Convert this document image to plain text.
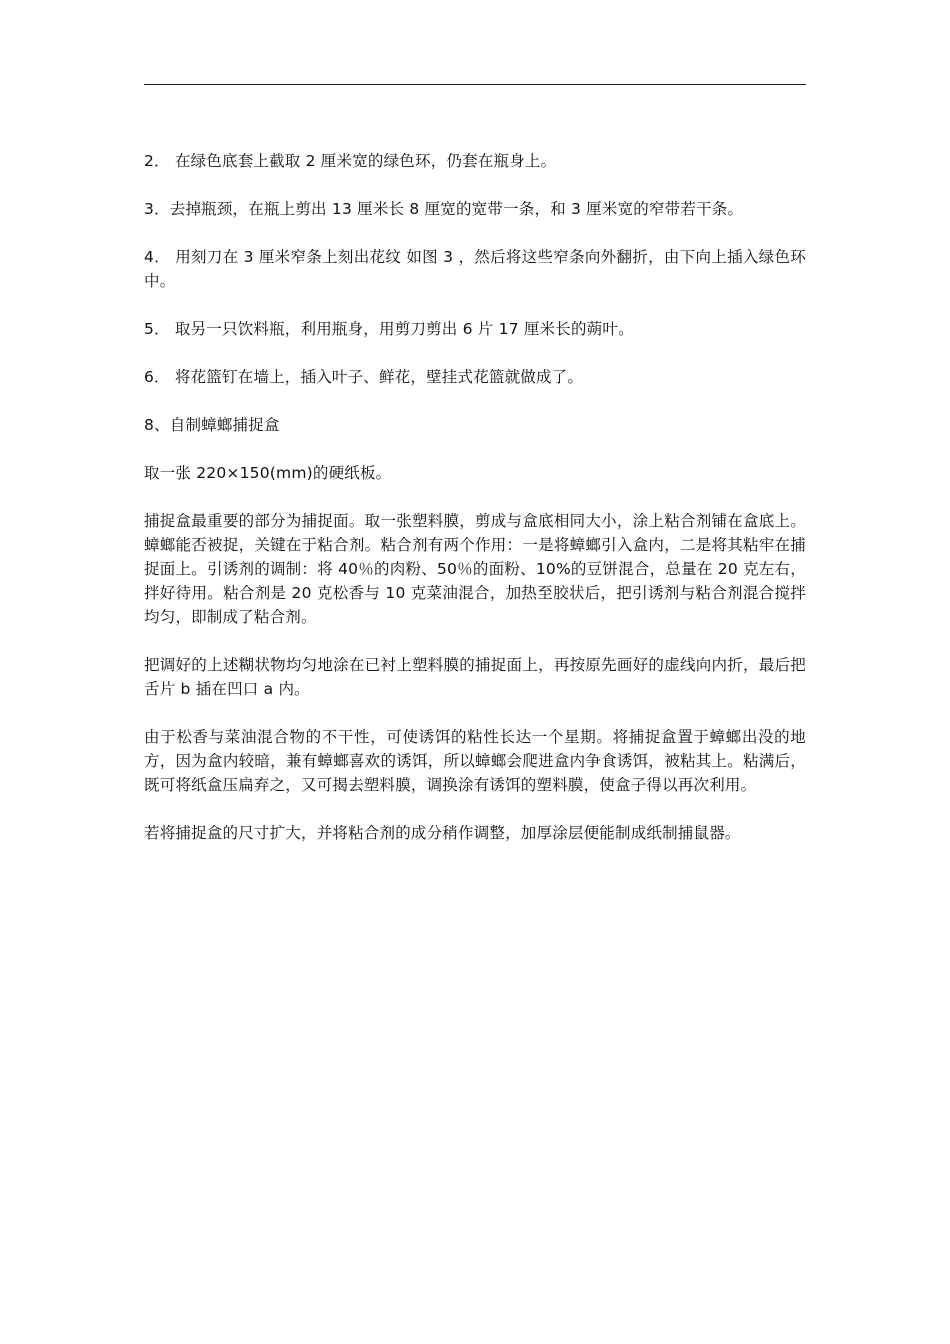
2． 在绿色底套上截取 2 厘米宽的绿色环，仍套在瓶身上。

3．去掉瓶颈，在瓶上剪出 13 厘米长 8 厘宽的宽带一条，和 3 厘米宽的窄带若干条。

4． 用刻刀在 3 厘米窄条上刻出花纹 如图 3 ，然后将这些窄条向外翻折，由下向上插入绿色环中。

5． 取另一只饮料瓶，利用瓶身，用剪刀剪出 6 片 17 厘米长的蒴叶。

6． 将花篮钉在墙上，插入叶子、鲜花，壁挂式花篮就做成了。

8、自制蟑螂捕捉盒

取一张 220×150(mm)的硬纸板。

捕捉盒最重要的部分为捕捉面。取一张塑料膜，剪成与盒底相同大小，涂上粘合剂铺在盒底上。蟑螂能否被捉，关键在于粘合剂。粘合剂有两个作用：一是将蟑螂引入盒内，二是将其粘牢在捕捉面上。引诱剂的调制：将 40％的肉粉、50％的面粉、10%的豆饼混合，总量在 20 克左右，拌好待用。粘合剂是 20 克松香与 10 克菜油混合，加热至胶状后，把引诱剂与粘合剂混合搅拌均匀，即制成了粘合剂。

把调好的上述糊状物均匀地涂在已衬上塑料膜的捕捉面上，再按原先画好的虚线向内折，最后把舌片 b 插在凹口 a 内。

由于松香与菜油混合物的不干性，可使诱饵的粘性长达一个星期。将捕捉盒置于蟑螂出没的地方，因为盒内较暗，兼有蟑螂喜欢的诱饵，所以蟑螂会爬进盒内争食诱饵，被粘其上。粘满后，既可将纸盒压扁弃之，又可揭去塑料膜，调换涂有诱饵的塑料膜，使盒子得以再次利用。

若将捕捉盒的尺寸扩大，并将粘合剂的成分稍作调整，加厚涂层便能制成纸制捕鼠器。
